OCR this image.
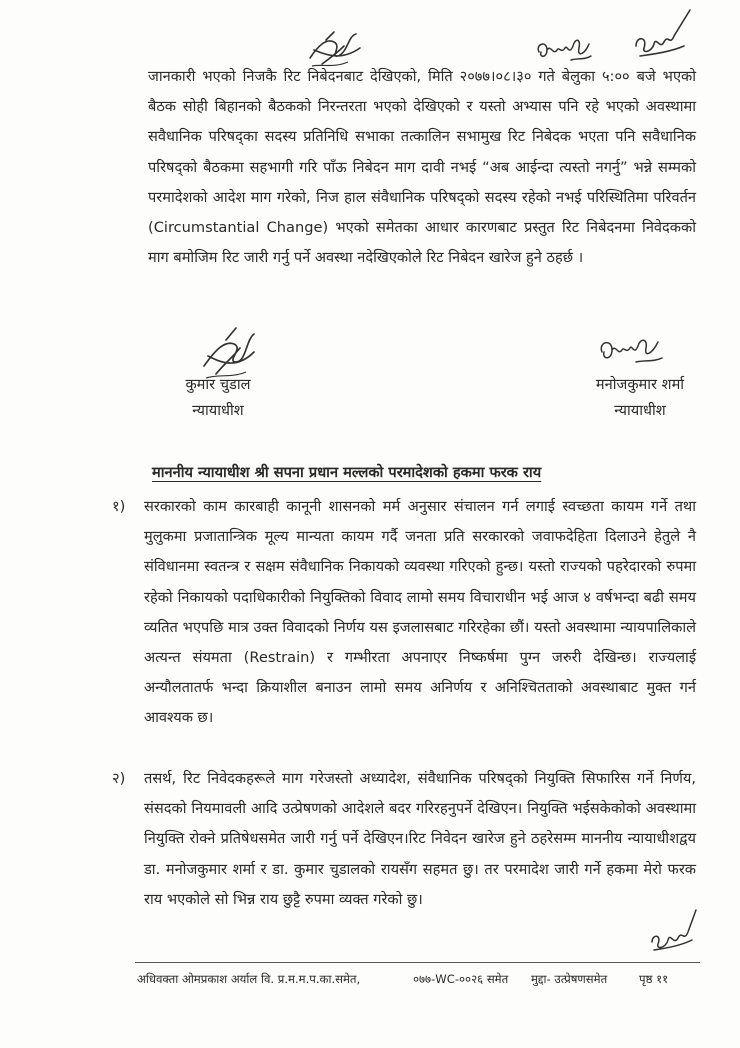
जानकारी भएको निजकै रिट निबेदनबाट देखिएको, मिति २०७७।०८।३० गते बेलुका ५:०० बजे भएको बैठक सोही बिहानको बैठकको निरन्तरता भएको देखिएको र यस्तो अभ्यास पनि रहे भएको अवस्थामा सवैधानिक परिषद्का सदस्य प्रतिनिधि सभाका तत्कालिन सभामुख रिट निबेदक भएता पनि सवैधानिक परिषद्को बैठकमा सहभागी गरि पाँऊ निबेदन माग दावी नभई “अब आईन्दा त्यस्तो नगर्नु” भन्ने सम्मको परमादेशको आदेश माग गरेको, निज हाल संवैधानिक परिषद्को सदस्य रहेको नभई परिस्थितिमा परिवर्तन (Circumstantial Change) भएको समेतका आधार कारणबाट प्रस्तुत रिट निबेदनमा निवेदकको माग बमोजिम रिट जारी गर्नु पर्ने अवस्था नदेखिएकोले रिट निबेदन खारेज हुने ठहर्छ ।

कुमार चुडाल
न्यायाधीश
मनोजकुमार शर्मा
न्यायाधीश

माननीय न्यायाधीश श्री सपना प्रधान मल्लको परमादेशको हकमा फरक राय

१) सरकारको काम कारबाही कानूनी शासनको मर्म अनुसार संचालन गर्न लगाई स्वच्छता कायम गर्ने तथा मुलुकमा प्रजातान्त्रिक मूल्य मान्यता कायम गर्दै जनता प्रति सरकारको जवाफदेहिता दिलाउने हेतुले नै संविधानमा स्वतन्त्र र सक्षम संवैधानिक निकायको व्यवस्था गरिएको हुन्छ। यस्तो राज्यको पहरेदारको रुपमा रहेको निकायको पदाधिकारीको नियुक्तिको विवाद लामो समय विचाराधीन भई आज ४ वर्षभन्दा बढी समय व्यतित भएपछि मात्र उक्त विवादको निर्णय यस इजलासबाट गरिरहेका छौं। यस्तो अवस्थामा न्यायपालिकाले अत्यन्त संयमता (Restrain) र गम्भीरता अपनाएर निष्कर्षमा पुग्न जरुरी देखिन्छ। राज्यलाई अन्यौलतातर्फ भन्दा क्रियाशील बनाउन लामो समय अनिर्णय र अनिश्चितताको अवस्थाबाट मुक्त गर्न आवश्यक छ।

२) तसर्थ, रिट निवेदकहरूले माग गरेजस्तो अध्यादेश, संवैधानिक परिषद्को नियुक्ति सिफारिस गर्ने निर्णय, संसदको नियमावली आदि उत्प्रेषणको आदेशले बदर गरिरहनुपर्ने देखिएन। नियुक्ति भईसकेकोको अवस्थामा नियुक्ति रोक्ने प्रतिषेधसमेत जारी गर्नु पर्ने देखिएन।रिट निवेदन खारेज हुने ठहरेसम्म माननीय न्यायाधीशद्वय डा. मनोजकुमार शर्मा र डा. कुमार चुडालको रायसँग सहमत छु। तर परमादेश जारी गर्ने हकमा मेरो फरक राय भएकोले सो भिन्न राय छुट्टै रुपमा व्यक्त गरेको छु।

अधिवक्ता ओमप्रकाश अर्याल वि. प्र.म.म.प.का.समेत,	०७७-WC-००२६ समेत मुद्दा- उत्प्रेषणसमेत	पृष्ठ ११
